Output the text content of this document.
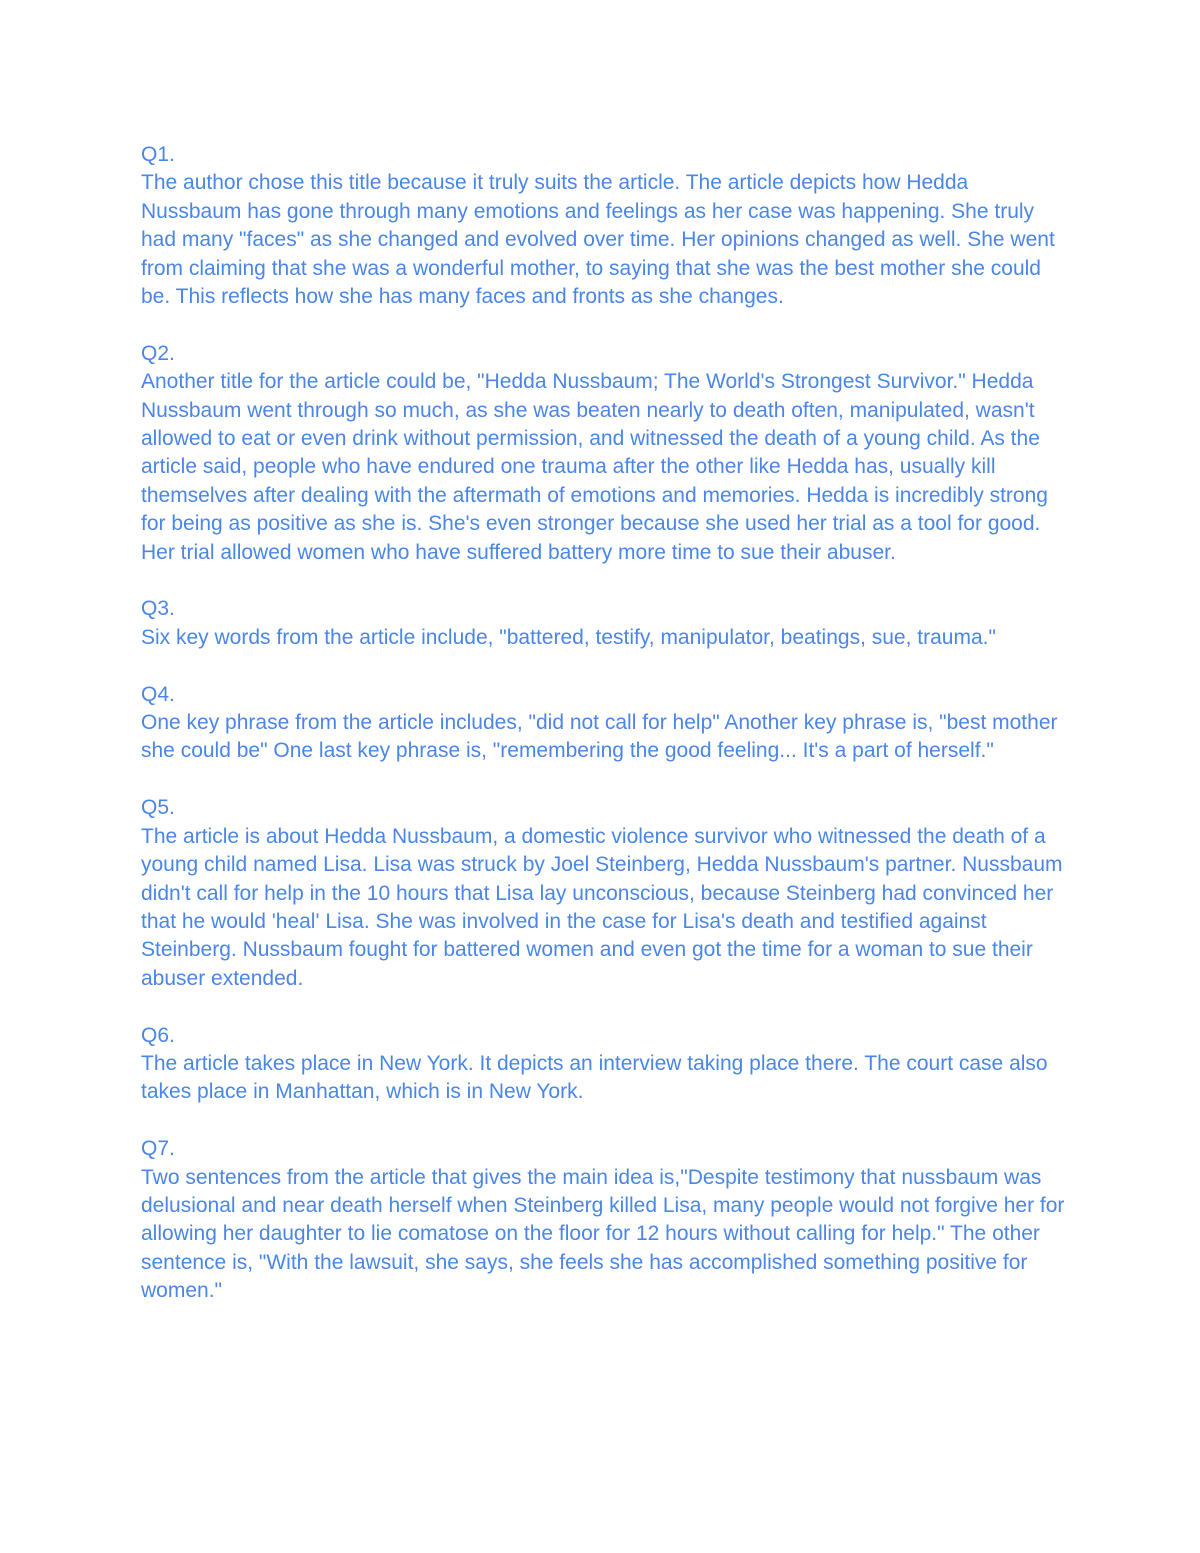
Q1.
The author chose this title because it truly suits the article. The article depicts how Hedda Nussbaum has gone through many emotions and feelings as her case was happening. She truly had many "faces" as she changed and evolved over time. Her opinions changed as well. She went from claiming that she was a wonderful mother, to saying that she was the best mother she could be. This reflects how she has many faces and fronts as she changes.
Q2.
Another title for the article could be, "Hedda Nussbaum; The World's Strongest Survivor." Hedda Nussbaum went through so much, as she was beaten nearly to death often, manipulated, wasn't allowed to eat or even drink without permission, and witnessed the death of a young child. As the article said, people who have endured one trauma after the other like Hedda has, usually kill themselves after dealing with the aftermath of emotions and memories. Hedda is incredibly strong for being as positive as she is. She's even stronger because she used her trial as a tool for good. Her trial allowed women who have suffered battery more time to sue their abuser.
Q3.
Six key words from the article include, "battered, testify, manipulator, beatings, sue, trauma."
Q4.
One key phrase from the article includes, "did not call for help" Another key phrase is, "best mother she could be" One last key phrase is, "remembering the good feeling... It's a part of herself."
Q5.
The article is about Hedda Nussbaum, a domestic violence survivor who witnessed the death of a young child named Lisa. Lisa was struck by Joel Steinberg, Hedda Nussbaum's partner. Nussbaum didn't call for help in the 10 hours that Lisa lay unconscious, because Steinberg had convinced her that he would 'heal' Lisa. She was involved in the case for Lisa's death and testified against Steinberg. Nussbaum fought for battered women and even got the time for a woman to sue their abuser extended.
Q6.
The article takes place in New York. It depicts an interview taking place there. The court case also takes place in Manhattan, which is in New York.
Q7.
Two sentences from the article that gives the main idea is,"Despite testimony that nussbaum was delusional and near death herself when Steinberg killed Lisa, many people would not forgive her for allowing her daughter to lie comatose on the floor for 12 hours without calling for help." The other sentence is, "With the lawsuit, she says, she feels she has accomplished something positive for women."
